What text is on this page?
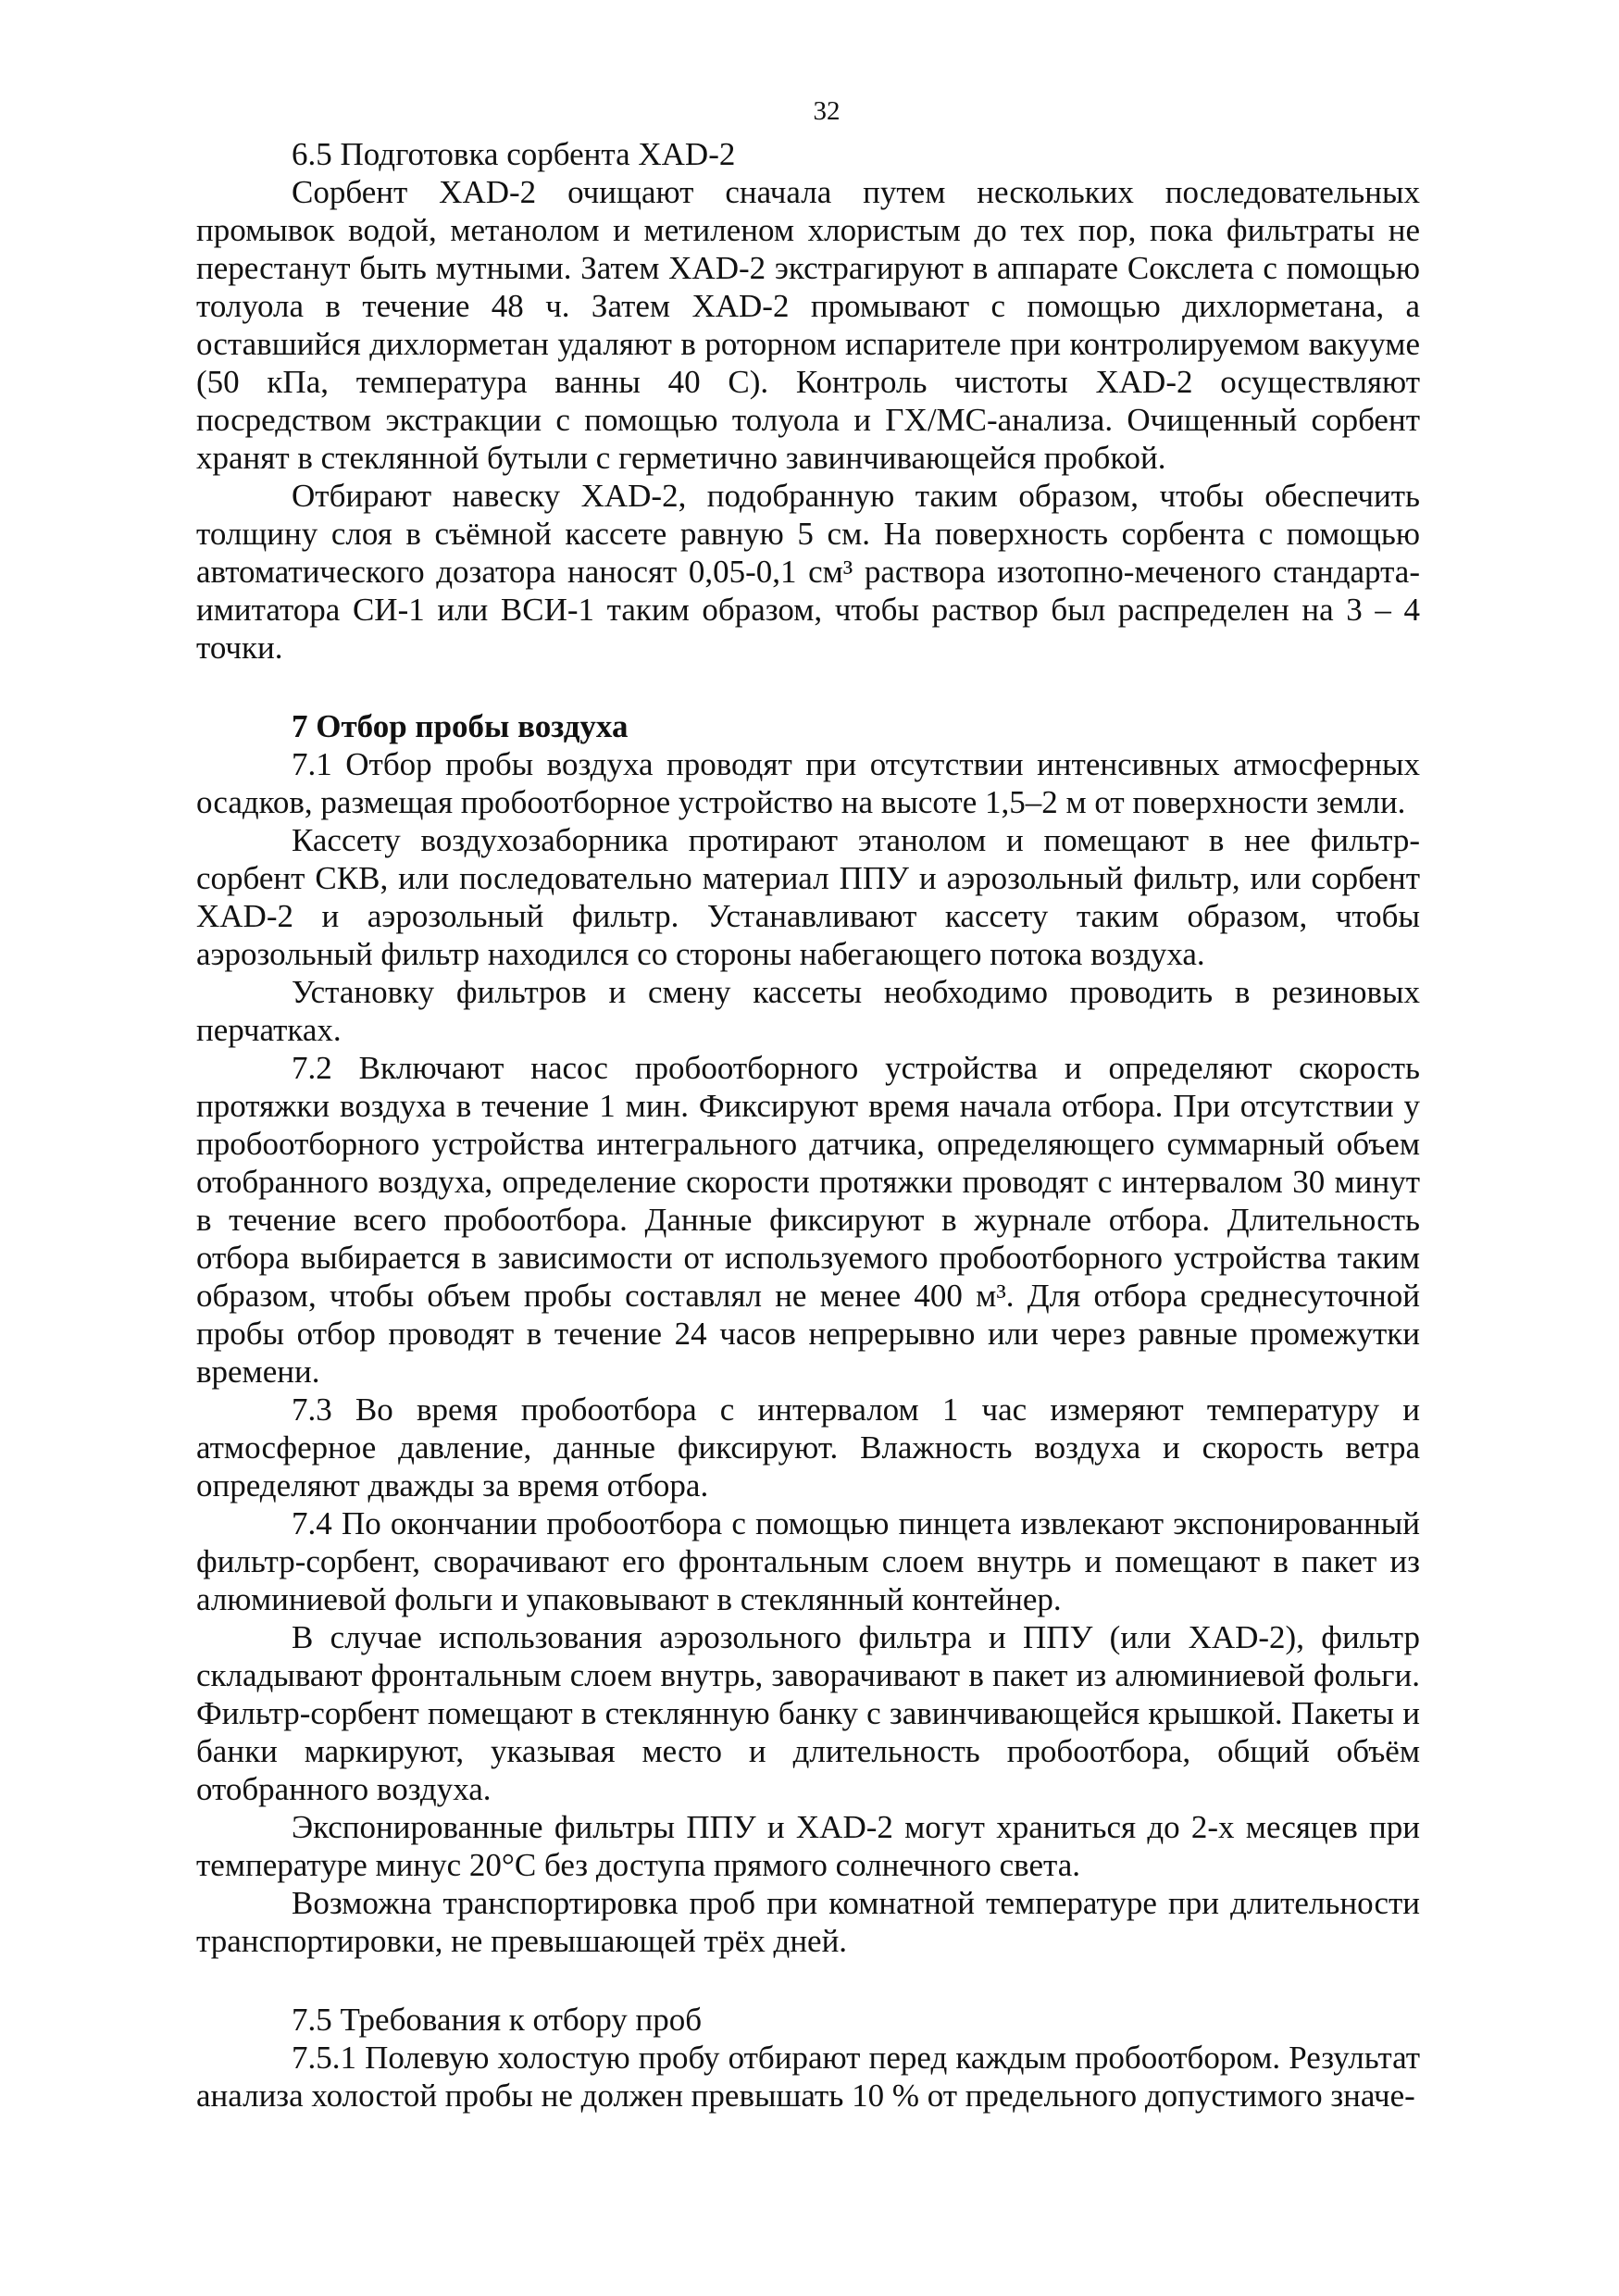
32

6.5 Подготовка сорбента XAD-2

Сорбент XAD-2 очищают сначала путем нескольких последовательных промывок водой, метанолом и метиленом хлористым до тех пор, пока фильтраты не перестанут быть мутными. Затем XAD-2 экстрагируют в аппарате Сокслета с помощью толуола в течение 48 ч. Затем XAD-2 промывают с помощью дихлорметана, а оставшийся дихлорметан удаляют в роторном испарителе при контролируемом вакууме (50 кПа, температура ванны 40 С). Контроль чистоты XAD-2 осуществляют посредством экстракции с помощью толуола и ГХ/МС-анализа. Очищенный сорбент хранят в стеклянной бутыли с герметично завинчивающейся пробкой.

Отбирают навеску XAD-2, подобранную таким образом, чтобы обеспечить толщину слоя в съёмной кассете равную 5 см. На поверхность сорбента с помощью автоматического дозатора наносят 0,05-0,1 см³ раствора изотопно-меченого стандарта-имитатора СИ-1 или ВСИ-1 таким образом, чтобы раствор был распределен на 3 – 4 точки.

7 Отбор пробы воздуха

7.1 Отбор пробы воздуха проводят при отсутствии интенсивных атмосферных осадков, размещая пробоотборное устройство на высоте 1,5–2 м от поверхности земли.

Кассету воздухозаборника протирают этанолом и помещают в нее фильтр-сорбент СКВ, или последовательно материал ППУ и аэрозольный фильтр, или сорбент XAD-2 и аэрозольный фильтр. Устанавливают кассету таким образом, чтобы аэрозольный фильтр находился со стороны набегающего потока воздуха.

Установку фильтров и смену кассеты необходимо проводить в резиновых перчатках.

7.2 Включают насос пробоотборного устройства и определяют скорость протяжки воздуха в течение 1 мин. Фиксируют время начала отбора. При отсутствии у пробоотборного устройства интегрального датчика, определяющего суммарный объем отобранного воздуха, определение скорости протяжки проводят с интервалом 30 минут в течение всего пробоотбора. Данные фиксируют в журнале отбора. Длительность отбора выбирается в зависимости от используемого пробоотборного устройства таким образом, чтобы объем пробы составлял не менее 400 м³. Для отбора среднесуточной пробы отбор проводят в течение 24 часов непрерывно или через равные промежутки времени.

7.3 Во время пробоотбора с интервалом 1 час измеряют температуру и атмосферное давление, данные фиксируют. Влажность воздуха и скорость ветра определяют дважды за время отбора.

7.4 По окончании пробоотбора с помощью пинцета извлекают экспонированный фильтр-сорбент, сворачивают его фронтальным слоем внутрь и помещают в пакет из алюминиевой фольги и упаковывают в стеклянный контейнер.

В случае использования аэрозольного фильтра и ППУ (или XAD-2), фильтр складывают фронтальным слоем внутрь, заворачивают в пакет из алюминиевой фольги. Фильтр-сорбент помещают в стеклянную банку с завинчивающейся крышкой. Пакеты и банки маркируют, указывая место и длительность пробоотбора, общий объём отобранного воздуха.

Экспонированные фильтры ППУ и XAD-2 могут храниться до 2-х месяцев при температуре минус 20°С без доступа прямого солнечного света.

Возможна транспортировка проб при комнатной температуре при длительности транспортировки, не превышающей трёх дней.

7.5 Требования к отбору проб

7.5.1 Полевую холостую пробу отбирают перед каждым пробоотбором. Результат анализа холостой пробы не должен превышать 10 % от предельного допустимого значе-
